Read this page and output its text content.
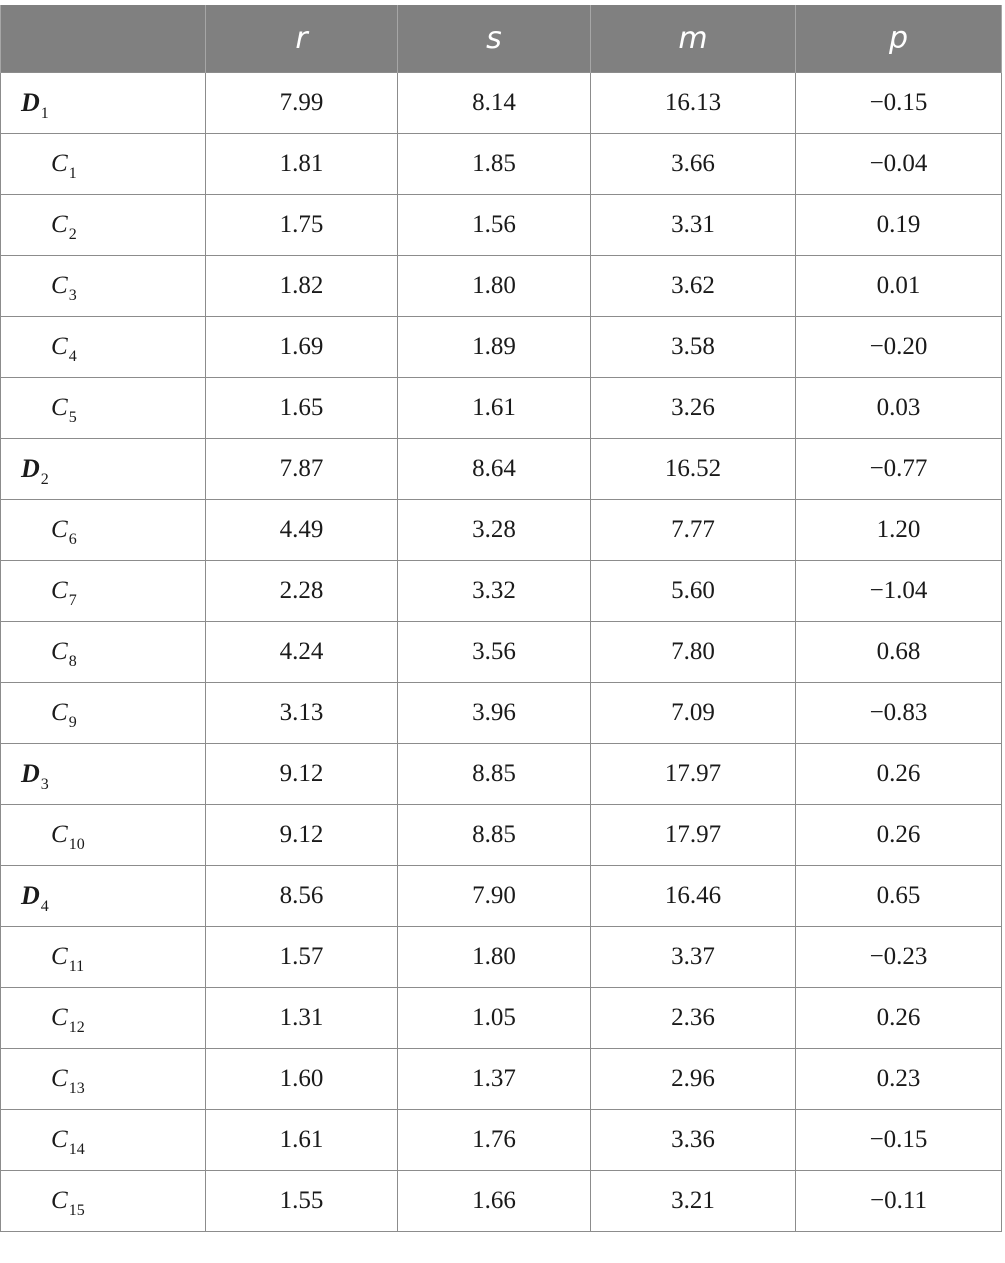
	r	s	m	p
$D_1$	7.99	8.14	16.13	−0.15
$C_1$	1.81	1.85	3.66	−0.04
$C_2$	1.75	1.56	3.31	0.19
$C_3$	1.82	1.80	3.62	0.01
$C_4$	1.69	1.89	3.58	−0.20
$C_5$	1.65	1.61	3.26	0.03
$D_2$	7.87	8.64	16.52	−0.77
$C_6$	4.49	3.28	7.77	1.20
$C_7$	2.28	3.32	5.60	−1.04
$C_8$	4.24	3.56	7.80	0.68
$C_9$	3.13	3.96	7.09	−0.83
$D_3$	9.12	8.85	17.97	0.26
$C_{10}$	9.12	8.85	17.97	0.26
$D_4$	8.56	7.90	16.46	0.65
$C_{11}$	1.57	1.80	3.37	−0.23
$C_{12}$	1.31	1.05	2.36	0.26
$C_{13}$	1.60	1.37	2.96	0.23
$C_{14}$	1.61	1.76	3.36	−0.15
$C_{15}$	1.55	1.66	3.21	−0.11
